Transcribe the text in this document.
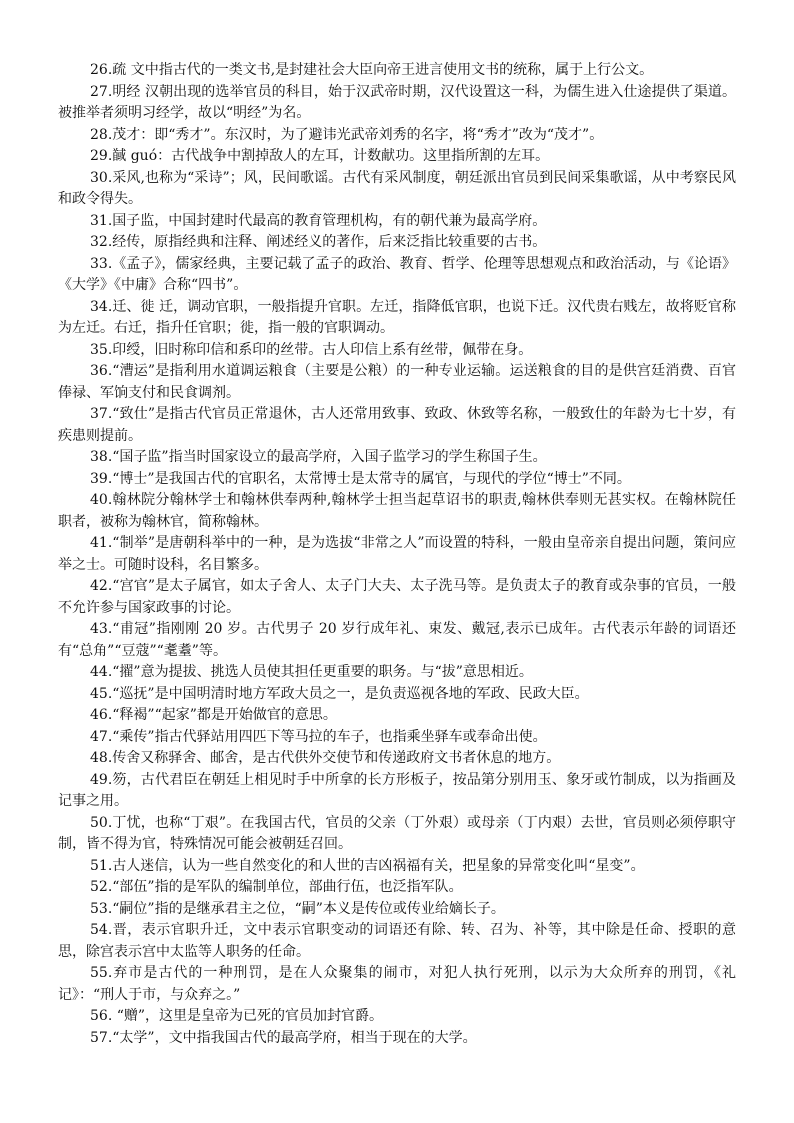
26.疏 文中指古代的一类文书,是封建社会大臣向帝王进言使用文书的统称，属于上行公文。

27.明经 汉朝出现的选举官员的科目，始于汉武帝时期，汉代设置这一科，为儒生进入仕途提供了渠道。被推举者须明习经学，故以“明经”为名。

28.茂才：即“秀才”。东汉时，为了避讳光武帝刘秀的名字，将“秀才”改为“茂才”。

29.馘 guó：古代战争中割掉敌人的左耳，计数献功。这里指所割的左耳。

30.采风,也称为“采诗”；风，民间歌谣。古代有采风制度，朝廷派出官员到民间采集歌谣，从中考察民风和政令得失。

31.国子监，中国封建时代最高的教育管理机构，有的朝代兼为最高学府。

32.经传，原指经典和注释、阐述经义的著作，后来泛指比较重要的古书。

33.《孟子》，儒家经典，主要记载了孟子的政治、教育、哲学、伦理等思想观点和政治活动，与《论语》《大学》《中庸》合称“四书”。

34.迁、徙 迁，调动官职，一般指提升官职。左迁，指降低官职，也说下迁。汉代贵右贱左，故将贬官称为左迁。右迁，指升任官职；徙，指一般的官职调动。

35.印绶，旧时称印信和系印的丝带。古人印信上系有丝带，佩带在身。

36.“漕运”是指利用水道调运粮食（主要是公粮）的一种专业运输。运送粮食的目的是供宫廷消费、百官俸禄、军饷支付和民食调剂。

37.“致仕”是指古代官员正常退休，古人还常用致事、致政、休致等名称，一般致仕的年龄为七十岁，有疾患则提前。

38.“国子监”指当时国家设立的最高学府，入国子监学习的学生称国子生。

39.“博士”是我国古代的官职名，太常博士是太常寺的属官，与现代的学位“博士”不同。

40.翰林院分翰林学士和翰林供奉两种,翰林学士担当起草诏书的职责,翰林供奉则无甚实权。在翰林院任职者，被称为翰林官，简称翰林。

41.“制举”是唐朝科举中的一种，是为选拔“非常之人”而设置的特科，一般由皇帝亲自提出问题，策问应举之士。可随时设科，名目繁多。

42.“宫官”是太子属官，如太子舍人、太子门大夫、太子洗马等。是负责太子的教育或杂事的官员，一般不允许参与国家政事的讨论。

43.“甫冠”指刚刚 20 岁。古代男子 20 岁行成年礼、束发、戴冠,表示已成年。古代表示年龄的词语还有“总角”“豆蔻”“耄耋”等。

44.“擢”意为提拔、挑选人员使其担任更重要的职务。与“拔”意思相近。

45.“巡抚”是中国明清时地方军政大员之一，是负责巡视各地的军政、民政大臣。

46.“释褐”“起家”都是开始做官的意思。

47.“乘传”指古代驿站用四匹下等马拉的车子，也指乘坐驿车或奉命出使。

48.传舍又称驿舍、邮舍，是古代供外交使节和传递政府文书者休息的地方。

49.笏，古代君臣在朝廷上相见时手中所拿的长方形板子，按品第分别用玉、象牙或竹制成，以为指画及记事之用。

50.丁忧，也称“丁艰”。在我国古代，官员的父亲（丁外艰）或母亲（丁内艰）去世，官员则必须停职守制，皆不得为官，特殊情况可能会被朝廷召回。

51.古人迷信，认为一些自然变化的和人世的吉凶祸福有关，把星象的异常变化叫“星变”。

52.“部伍”指的是军队的编制单位，部曲行伍，也泛指军队。

53.“嗣位”指的是继承君主之位，“嗣”本义是传位或传业给嫡长子。

54.晋，表示官职升迁，文中表示官职变动的词语还有除、转、召为、补等，其中除是任命、授职的意思，除宫表示宫中太监等人职务的任命。

55.弃市是古代的一种刑罚，是在人众聚集的闹市，对犯人执行死刑，以示为大众所弃的刑罚，《礼记》：“刑人于市，与众弃之。”

56. “赠”，这里是皇帝为已死的官员加封官爵。

57.“太学”，文中指我国古代的最高学府，相当于现在的大学。
